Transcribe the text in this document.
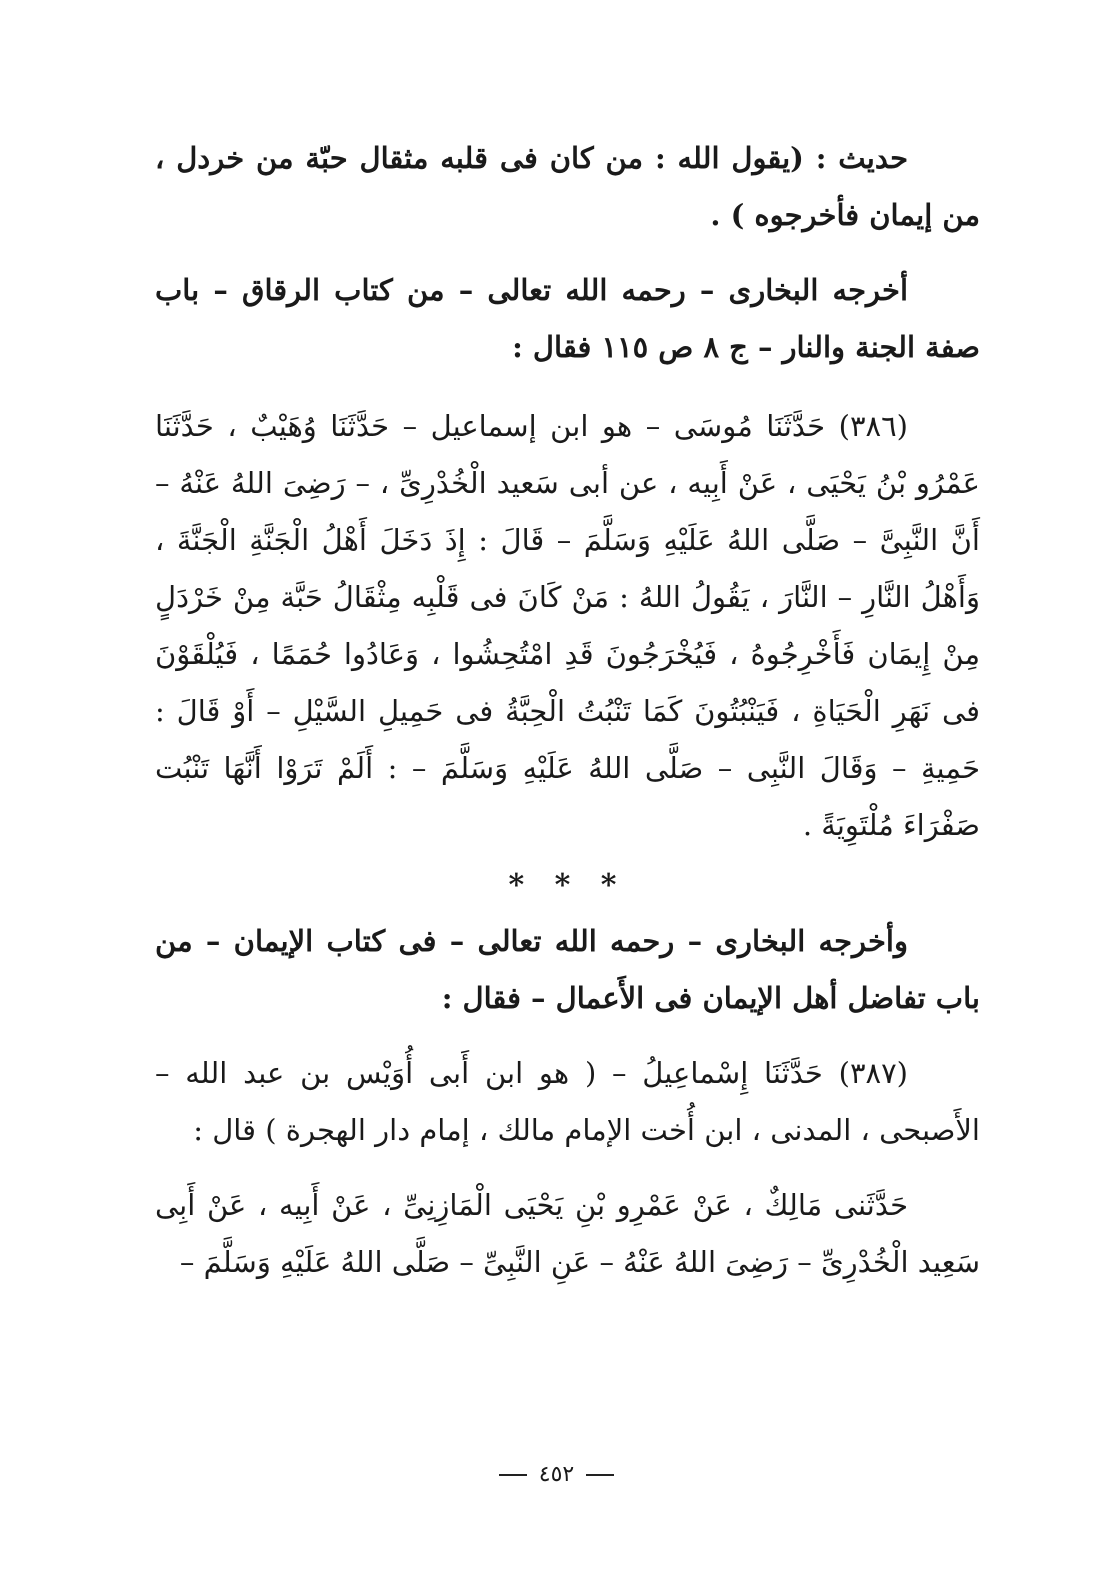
حديث : (يقول الله : من كان فى قلبه مثقال حبّة من خردل ، من إيمان فأخرجوه ) .

أخرجه البخارى – رحمه الله تعالى – من كتاب الرقاق – باب صفة الجنة والنار – ج ٨ ص ١١٥ فقال :

(٣٨٦) حَدَّثَنَا مُوسَى – هو ابن إسماعيل – حَدَّثَنَا وُهَيْبٌ ، حَدَّثَنَا عَمْرُو بْنُ يَحْيَى ، عَنْ أَبِيه ، عن أبى سَعيد الْخُدْرِىِّ ، – رَضِىَ اللهُ عَنْهُ – أَنَّ النَّبِىَّ – صَلَّى اللهُ عَلَيْهِ وَسَلَّمَ – قَالَ : إِذَ دَخَلَ أَهْلُ الْجَنَّةِ الْجَنَّةَ ، وَأَهْلُ النَّارِ – النَّارَ ، يَقُولُ اللهُ : مَنْ كَانَ فى قَلْبِه مِثْقَالُ حَبَّة مِنْ خَرْدَلٍ مِنْ إِيمَان فَأَخْرِجُوهُ ، فَيُخْرَجُونَ قَدِ امْتُحِشُوا ، وَعَادُوا حُمَمًا ، فَيُلْقَوْنَ فى نَهَرِ الْحَيَاةِ ، فَيَنْبُتُونَ كَمَا تَنْبُتُ الْحِبَّةُ فى حَمِيلِ السَّيْلِ – أَوْ قَالَ : حَمِيةِ – وَقَالَ النَّبِى – صَلَّى اللهُ عَلَيْهِ وَسَلَّمَ – : أَلَمْ تَرَوْا أَنَّهَا تَنْبُت صَفْرَاءَ مُلْتَوِيَةً .

* * *

وأخرجه البخارى – رحمه الله تعالى – فى كتاب الإيمان – من باب تفاضل أهل الإيمان فى الأَعمال – فقال :

(٣٨٧) حَدَّثَنَا إِسْماعِيلُ – ( هو ابن أَبى أُوَيْس بن عبد الله – الأَصبحى ، المدنى ، ابن أُخت الإمام مالك ، إمام دار الهجرة ) قال :

حَدَّثَنى مَالِكٌ ، عَنْ عَمْرِو بْنِ يَحْيَى الْمَازِنِىِّ ، عَنْ أَبِيه ، عَنْ أَبِى سَعِيد الْخُدْرِىِّ – رَضِىَ اللهُ عَنْهُ – عَنِ النَّبِىِّ – صَلَّى اللهُ عَلَيْهِ وَسَلَّمَ –

٤٥٢
